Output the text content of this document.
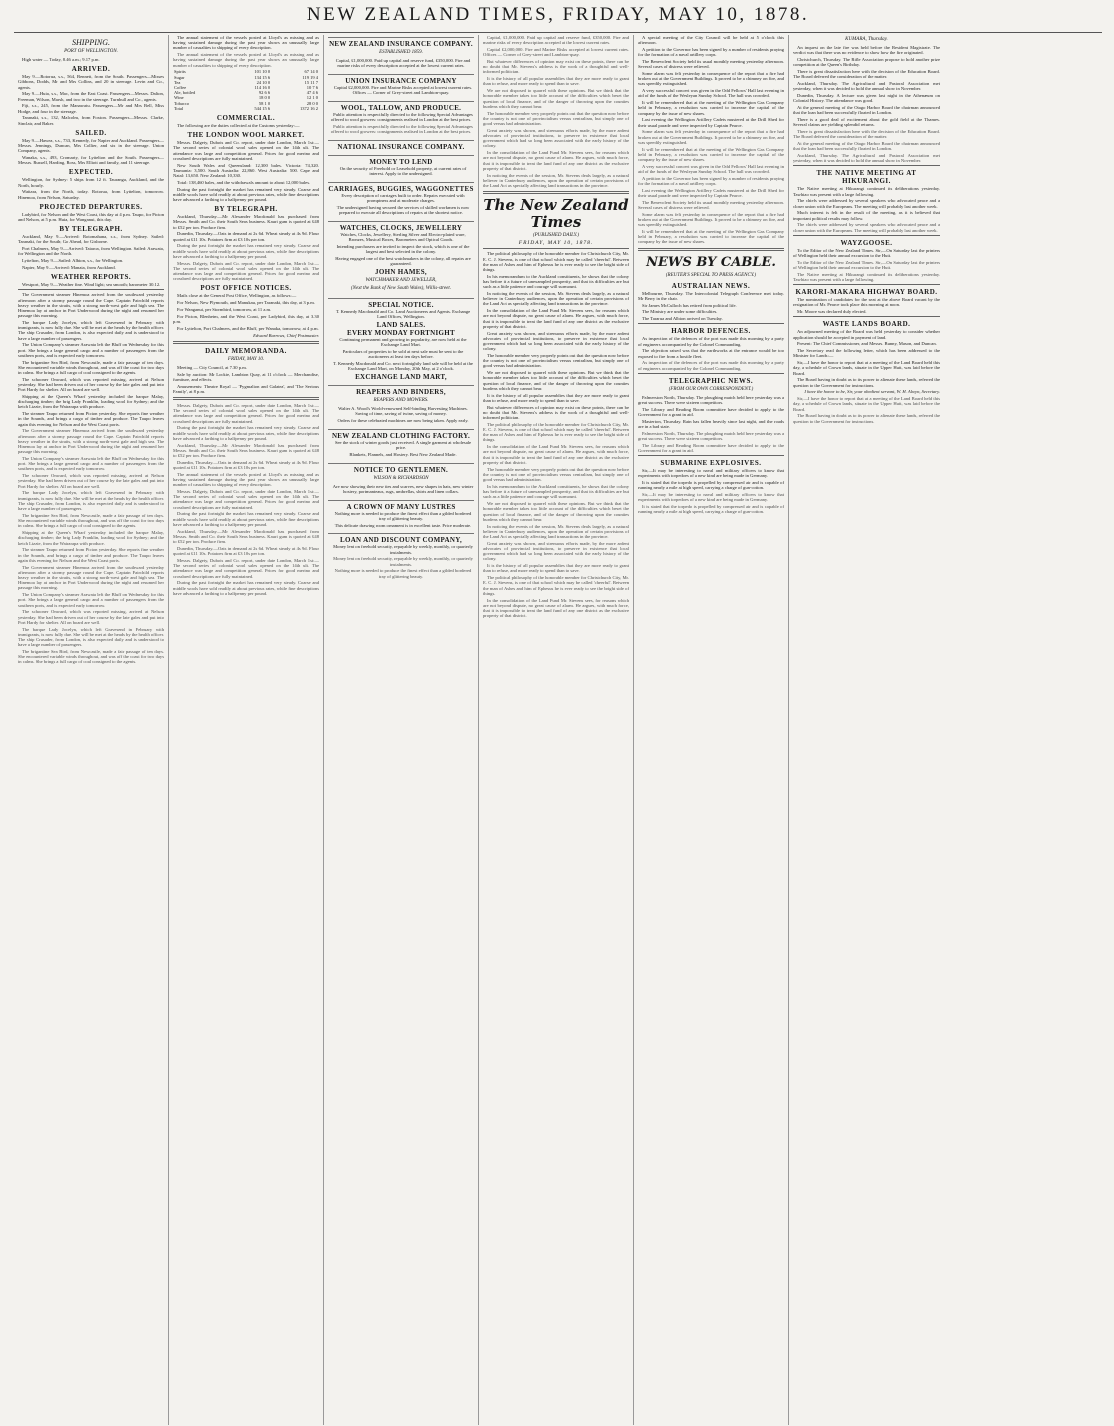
NEW ZEALAND TIMES, FRIDAY, MAY 10, 1878.
SHIPPING.
PORT OF WELLINGTON.

High water — Today, 8.46 a.m.; 9.17 p.m.

ARRIVED.

May 9.—Rotorua, s.s., 564, Bennett, from the South. Passengers—Misses Gibbons, Dodds, Mr and Mrs Collins, and 20 in steerage. Levin and Co., agents.

May 9.—Huia, s.s., Mac, from the East Coast. Passengers—Messrs. Dalton, Freeman, Wilson, Marsh, and two in the steerage. Turnbull and Co., agents.

Fiji, s.s., 245, from the Manawatu. Passengers—Mr and Mrs Bell, Miss Hodge, and four in the steerage.

Taranaki, s.s., 132, Malcolm, from Foxton. Passengers—Messrs. Clarke, Sinclair, and Baker.

SAILED.

May 9.—Hawea, s.s., 733, Kennedy, for Napier and Auckland. Passengers—Messrs. Jennings, Duncan, Mrs Collier, and six in the steerage. Union Company, agents.

Wanaka, s.s., 493, Cromarty, for Lyttelton and the South. Passengers—Messrs. Russell, Harding, Ross, Mrs Elliott and family, and 11 steerage.

EXPECTED.

Wellington, for Sydney: 5 ships from 12 ft. Tauranga, Auckland, and the North, hourly.

Waitara, from the North, today. Rotorua, from Lyttelton, tomorrow. Hinemoa, from Nelson, Saturday.

PROJECTED DEPARTURES.

Ladybird, for Nelson and the West Coast, this day at 4 p.m. Taupo, for Picton and Nelson, at 5 p.m. Huia, for Wanganui, this day.

BY TELEGRAPH.

Auckland, May 9.—Arrived: Rotomahana, s.s., from Sydney. Sailed: Taranaki, for the South; Go Ahead, for Gisborne.

Port Chalmers, May 9.—Arrived: Taiaroa, from Wellington. Sailed: Arawata, for Wellington and the North.

Lyttelton, May 9.—Sailed: Albion, s.s., for Wellington.

Napier, May 9.—Arrived: Manaia, from Auckland.

WEATHER REPORTS.

Westport, May 9.—Weather fine. Wind light; sea smooth; barometer 30.12.

The Government steamer Hinemoa arrived from the southward yesterday afternoon after a stormy passage round the Cape. Captain Fairchild reports heavy weather in the straits, with a strong north-west gale and high sea. The Hinemoa lay at anchor in Port Underwood during the night and resumed her passage this morning.

The barque Lady Jocelyn, which left Gravesend in February with immigrants, is now fully due. She will be met at the heads by the health officer. The ship Crusader, from London, is also expected daily and is understood to have a large number of passengers.

The Union Company's steamer Arawata left the Bluff on Wednesday for this port. She brings a large general cargo and a number of passengers from the southern ports, and is expected early tomorrow.

The brigantine Sea Bird, from Newcastle, made a fair passage of ten days. She encountered variable winds throughout, and was off the coast for two days in calms. She brings a full cargo of coal consigned to the agents.

The schooner Onward, which was reported missing, arrived at Nelson yesterday. She had been driven out of her course by the late gales and put into Port Hardy for shelter. All on board are well.

Shipping at the Queen's Wharf yesterday included the barque Malay, discharging timber; the brig Lady Franklin, loading wool for Sydney; and the ketch Lizzie, from the Wairarapa with produce.

The steamer Taupo returned from Picton yesterday. She reports fine weather in the Sounds, and brings a cargo of timber and produce. The Taupo leaves again this evening for Nelson and the West Coast ports.

The Government steamer Hinemoa arrived from the southward yesterday afternoon after a stormy passage round the Cape. Captain Fairchild reports heavy weather in the straits, with a strong north-west gale and high sea. The Hinemoa lay at anchor in Port Underwood during the night and resumed her passage this morning.

The Union Company's steamer Arawata left the Bluff on Wednesday for this port. She brings a large general cargo and a number of passengers from the southern ports, and is expected early tomorrow.

The schooner Onward, which was reported missing, arrived at Nelson yesterday. She had been driven out of her course by the late gales and put into Port Hardy for shelter. All on board are well.

The barque Lady Jocelyn, which left Gravesend in February with immigrants, is now fully due. She will be met at the heads by the health officer. The ship Crusader, from London, is also expected daily and is understood to have a large number of passengers.

The brigantine Sea Bird, from Newcastle, made a fair passage of ten days. She encountered variable winds throughout, and was off the coast for two days in calms. She brings a full cargo of coal consigned to the agents.

Shipping at the Queen's Wharf yesterday included the barque Malay, discharging timber; the brig Lady Franklin, loading wool for Sydney; and the ketch Lizzie, from the Wairarapa with produce.

The steamer Taupo returned from Picton yesterday. She reports fine weather in the Sounds, and brings a cargo of timber and produce. The Taupo leaves again this evening for Nelson and the West Coast ports.

The Government steamer Hinemoa arrived from the southward yesterday afternoon after a stormy passage round the Cape. Captain Fairchild reports heavy weather in the straits, with a strong north-west gale and high sea. The Hinemoa lay at anchor in Port Underwood during the night and resumed her passage this morning.

The Union Company's steamer Arawata left the Bluff on Wednesday for this port. She brings a large general cargo and a number of passengers from the southern ports, and is expected early tomorrow.

The schooner Onward, which was reported missing, arrived at Nelson yesterday. She had been driven out of her course by the late gales and put into Port Hardy for shelter. All on board are well.

The barque Lady Jocelyn, which left Gravesend in February with immigrants, is now fully due. She will be met at the heads by the health officer. The ship Crusader, from London, is also expected daily and is understood to have a large number of passengers.

The brigantine Sea Bird, from Newcastle, made a fair passage of ten days. She encountered variable winds throughout, and was off the coast for two days in calms. She brings a full cargo of coal consigned to the agents.

The annual statement of the vessels posted at Lloyd's as missing and as having sustained damage during the past year shows an unusually large number of casualties to shipping of every description.

The annual statement of the vessels posted at Lloyd's as missing and as having sustained damage during the past year shows an unusually large number of casualties to shipping of every description.

Spirits	101 10 0	67 14 0
Sugar	134 15 6	119 19 4
Tea	24 10 0	15 11 7
Coffee	114 16 0	10 7 6
Ale, bottled	92 6 6	47 4 6
Wine	18 0 0	12 1 0
Tobacco	58 1 0	28 0 0
Total	544 15 6	1372 16 2
COMMERCIAL.

The following are the duties collected at the Customs yesterday:—

THE LONDON WOOL MARKET.

Messrs. Dalgety, Dubois and Co. report, under date London, March 1st:—The second series of colonial wool sales opened on the 14th ult. The attendance was large and competition general. Prices for good merino and crossbred descriptions are fully maintained.

New South Wales and Queensland: 12,300 bales. Victoria: 74,320. Tasmania: 3,500. South Australia: 22,860. West Australia: 500. Cape and Natal: 13,650. New Zealand: 10,330.

Total: 138,460 bales, and the withdrawals amount to about 12,000 bales.

During the past fortnight the market has remained very steady. Coarse and middle wools have sold readily at about previous rates, while fine descriptions have advanced a farthing to a halfpenny per pound.

BY TELEGRAPH.

Auckland, Thursday.—Mr Alexander Macdonald has purchased from Messrs. Smith and Co. their South Seas business. Kauri gum is quoted at £48 to £52 per ton. Produce firm.

Dunedin, Thursday.—Oats in demand at 2s 6d. Wheat steady at 4s 9d. Flour quoted at £11 10s. Potatoes firm at £3 10s per ton.

During the past fortnight the market has remained very steady. Coarse and middle wools have sold readily at about previous rates, while fine descriptions have advanced a farthing to a halfpenny per pound.

Messrs. Dalgety, Dubois and Co. report, under date London, March 1st:—The second series of colonial wool sales opened on the 14th ult. The attendance was large and competition general. Prices for good merino and crossbred descriptions are fully maintained.

POST OFFICE NOTICES.

Mails close at the General Post Office, Wellington, as follows:—

For Nelson, New Plymouth, and Manukau, per Taranaki, this day, at 3 p.m.

For Wanganui, per Stormbird, tomorrow, at 11 a.m.

For Picton, Blenheim, and the West Coast, per Ladybird, this day, at 3.30 p.m.

For Lyttelton, Port Chalmers, and the Bluff, per Wanaka, tomorrow, at 4 p.m.

Edward Burrows, Chief Postmaster.

DAILY MEMORANDA.
FRIDAY, MAY 10.

Meeting — City Council, at 7.30 p.m.

Sale by auction: Mr Lockie, Lambton Quay, at 11 o'clock — Merchandise, furniture, and effects.

Amusements: Theatre Royal — 'Pygmalion and Galatea', and 'The Serious Family', at 8 p.m.

Messrs. Dalgety, Dubois and Co. report, under date London, March 1st:—The second series of colonial wool sales opened on the 14th ult. The attendance was large and competition general. Prices for good merino and crossbred descriptions are fully maintained.

During the past fortnight the market has remained very steady. Coarse and middle wools have sold readily at about previous rates, while fine descriptions have advanced a farthing to a halfpenny per pound.

Auckland, Thursday.—Mr Alexander Macdonald has purchased from Messrs. Smith and Co. their South Seas business. Kauri gum is quoted at £48 to £52 per ton. Produce firm.

Dunedin, Thursday.—Oats in demand at 2s 6d. Wheat steady at 4s 9d. Flour quoted at £11 10s. Potatoes firm at £3 10s per ton.

The annual statement of the vessels posted at Lloyd's as missing and as having sustained damage during the past year shows an unusually large number of casualties to shipping of every description.

Messrs. Dalgety, Dubois and Co. report, under date London, March 1st:—The second series of colonial wool sales opened on the 14th ult. The attendance was large and competition general. Prices for good merino and crossbred descriptions are fully maintained.

During the past fortnight the market has remained very steady. Coarse and middle wools have sold readily at about previous rates, while fine descriptions have advanced a farthing to a halfpenny per pound.

Auckland, Thursday.—Mr Alexander Macdonald has purchased from Messrs. Smith and Co. their South Seas business. Kauri gum is quoted at £48 to £52 per ton. Produce firm.

Dunedin, Thursday.—Oats in demand at 2s 6d. Wheat steady at 4s 9d. Flour quoted at £11 10s. Potatoes firm at £3 10s per ton.

Messrs. Dalgety, Dubois and Co. report, under date London, March 1st:—The second series of colonial wool sales opened on the 14th ult. The attendance was large and competition general. Prices for good merino and crossbred descriptions are fully maintained.

During the past fortnight the market has remained very steady. Coarse and middle wools have sold readily at about previous rates, while fine descriptions have advanced a farthing to a halfpenny per pound.

NEW ZEALAND INSURANCE COMPANY.
ESTABLISHED 1859.

Capital, £1,000,000. Paid up capital and reserve fund, £350,000. Fire and marine risks of every description accepted at the lowest current rates.

UNION INSURANCE COMPANY

Capital £2,000,000. Fire and Marine Risks accepted at lowest current rates. Offices — Corner of Grey-street and Lambton-quay.

WOOL, TALLOW, AND PRODUCE.

Public attention is respectfully directed to the following Special Advantages offered to wool growers: consignments realised in London at the best prices.

Public attention is respectfully directed to the following Special Advantages offered to wool growers: consignments realised in London at the best prices.

NATIONAL INSURANCE COMPANY.
MONEY TO LEND

On the security of Freehold or Leasehold property, at current rates of interest. Apply to the undersigned.

CARRIAGES, BUGGIES, WAGGONETTES

Every description of carriages built to order. Repairs executed with promptness and at moderate charges.

The undersigned having secured the services of skilled workmen is now prepared to execute all descriptions of repairs at the shortest notice.

WATCHES, CLOCKS, JEWELLERY

Watches, Clocks, Jewellery, Sterling Silver and Electro-plated ware, Bronzes, Musical Boxes, Barometers and Optical Goods.

Intending purchasers are invited to inspect the stock, which is one of the largest and best selected in the colony.

Having engaged one of the best watchmakers in the colony, all repairs are guaranteed.

JOHN HAMES,
WATCHMAKER AND JEWELLER,
(Next the Bank of New South Wales), Willis-street.
SPECIAL NOTICE.

T. Kennedy Macdonald and Co. Land Auctioneers and Agents. Exchange Land Offices, Wellington.

LAND SALES.
EVERY MONDAY FORTNIGHT

Continuing permanent and growing in popularity, are now held at the Exchange Land Mart.

Particulars of properties to be sold at next sale must be sent to the auctioneers at least ten days before.

T. Kennedy Macdonald and Co. next fortnightly land sale will be held at the Exchange Land Mart, on Monday, 20th May, at 2 o'clock.

EXCHANGE LAND MART,
REAPERS AND BINDERS,
REAPERS AND MOWERS.

Walter A. Wood's World-renowned Self-binding Harvesting Machines. Saving of time, saving of twine, saving of money.

Orders for these celebrated machines are now being taken. Apply early.

NEW ZEALAND CLOTHING FACTORY.

See the stock of winter goods just received. A single garment at wholesale price.

Blankets, Flannels, and Hosiery. Best New Zealand Made.

NOTICE TO GENTLEMEN.
WILSON & RICHARDSON

Are now showing their new ties and scarves, new shapes in hats, new winter hosiery, portmanteaus, rugs, umbrellas, shirts and linen collars.

A CROWN OF MANY LUSTRES

Nothing more is needed to produce the finest effect than a gilded bordered tray of glittering beauty.

This delicate drawing room ornament is in excellent taste. Price moderate.

LOAN AND DISCOUNT COMPANY,

Money lent on freehold security, repayable by weekly, monthly, or quarterly instalments.

Money lent on freehold security, repayable by weekly, monthly, or quarterly instalments.

Nothing more is needed to produce the finest effect than a gilded bordered tray of glittering beauty.

Capital, £1,000,000. Paid up capital and reserve fund, £350,000. Fire and marine risks of every description accepted at the lowest current rates.

Capital £2,000,000. Fire and Marine Risks accepted at lowest current rates. Offices — Corner of Grey-street and Lambton-quay.

But whatever differences of opinion may exist on these points, there can be no doubt that Mr. Stevens's address is the work of a thoughtful and well-informed politician.

It is the history of all popular assemblies that they are more ready to grant than to refuse, and more ready to spend than to save.

We are not disposed to quarrel with these opinions. But we think that the honorable member takes too little account of the difficulties which beset the question of local finance, and of the danger of throwing upon the counties burdens which they cannot bear.

The honorable member very properly points out that the question now before the country is not one of provincialism versus centralism, but simply one of good versus bad administration.

Great anxiety was shown, and strenuous efforts made, by the more ardent advocates of provincial institutions, to preserve in existence that local government which had so long been associated with the early history of the colony.

In the consolidation of the Land Fund Mr. Stevens sees, for reasons which are not beyond dispute, no great cause of alarm. He argues, with much force, that it is impossible to treat the land fund of any one district as the exclusive property of that district.

In noticing the events of the session, Mr. Stevens deals largely, as a natural believer in Canterbury audiences, upon the operation of certain provisions of the Land Act as specially affecting land transactions in the province.

The New Zealand Times
(PUBLISHED DAILY.)
FRIDAY, MAY 10, 1878.

The political philosophy of the honorable member for Christchurch City, Mr. E. C. J. Stevens, is one of that school which may be called 'cheerful'. Between the man of Ashes and him of Ephesus he is ever ready to see the bright side of things.

In his memorandum to the Auckland constituents, he shows that the colony has before it a future of unexampled prosperity, and that its difficulties are but such as a little patience and courage will surmount.

In noticing the events of the session, Mr. Stevens deals largely, as a natural believer in Canterbury audiences, upon the operation of certain provisions of the Land Act as specially affecting land transactions in the province.

In the consolidation of the Land Fund Mr. Stevens sees, for reasons which are not beyond dispute, no great cause of alarm. He argues, with much force, that it is impossible to treat the land fund of any one district as the exclusive property of that district.

Great anxiety was shown, and strenuous efforts made, by the more ardent advocates of provincial institutions, to preserve in existence that local government which had so long been associated with the early history of the colony.

The honorable member very properly points out that the question now before the country is not one of provincialism versus centralism, but simply one of good versus bad administration.

We are not disposed to quarrel with these opinions. But we think that the honorable member takes too little account of the difficulties which beset the question of local finance, and of the danger of throwing upon the counties burdens which they cannot bear.

It is the history of all popular assemblies that they are more ready to grant than to refuse, and more ready to spend than to save.

But whatever differences of opinion may exist on these points, there can be no doubt that Mr. Stevens's address is the work of a thoughtful and well-informed politician.

The political philosophy of the honorable member for Christchurch City, Mr. E. C. J. Stevens, is one of that school which may be called 'cheerful'. Between the man of Ashes and him of Ephesus he is ever ready to see the bright side of things.

In the consolidation of the Land Fund Mr. Stevens sees, for reasons which are not beyond dispute, no great cause of alarm. He argues, with much force, that it is impossible to treat the land fund of any one district as the exclusive property of that district.

The honorable member very properly points out that the question now before the country is not one of provincialism versus centralism, but simply one of good versus bad administration.

In his memorandum to the Auckland constituents, he shows that the colony has before it a future of unexampled prosperity, and that its difficulties are but such as a little patience and courage will surmount.

We are not disposed to quarrel with these opinions. But we think that the honorable member takes too little account of the difficulties which beset the question of local finance, and of the danger of throwing upon the counties burdens which they cannot bear.

In noticing the events of the session, Mr. Stevens deals largely, as a natural believer in Canterbury audiences, upon the operation of certain provisions of the Land Act as specially affecting land transactions in the province.

Great anxiety was shown, and strenuous efforts made, by the more ardent advocates of provincial institutions, to preserve in existence that local government which had so long been associated with the early history of the colony.

It is the history of all popular assemblies that they are more ready to grant than to refuse, and more ready to spend than to save.

The political philosophy of the honorable member for Christchurch City, Mr. E. C. J. Stevens, is one of that school which may be called 'cheerful'. Between the man of Ashes and him of Ephesus he is ever ready to see the bright side of things.

In the consolidation of the Land Fund Mr. Stevens sees, for reasons which are not beyond dispute, no great cause of alarm. He argues, with much force, that it is impossible to treat the land fund of any one district as the exclusive property of that district.

A special meeting of the City Council will be held at 5 o'clock this afternoon.

A petition to the Governor has been signed by a number of residents praying for the formation of a naval artillery corps.

The Benevolent Society held its usual monthly meeting yesterday afternoon. Several cases of distress were relieved.

Some alarm was felt yesterday in consequence of the report that a fire had broken out at the Government Buildings. It proved to be a chimney on fire, and was speedily extinguished.

A very successful concert was given in the Odd Fellows' Hall last evening in aid of the funds of the Wesleyan Sunday School. The hall was crowded.

It will be remembered that at the meeting of the Wellington Gas Company held in February, a resolution was carried to increase the capital of the company by the issue of new shares.

Last evening the Wellington Artillery Cadets mustered at the Drill Shed for their usual parade and were inspected by Captain Pearce.

Some alarm was felt yesterday in consequence of the report that a fire had broken out at the Government Buildings. It proved to be a chimney on fire, and was speedily extinguished.

It will be remembered that at the meeting of the Wellington Gas Company held in February, a resolution was carried to increase the capital of the company by the issue of new shares.

A very successful concert was given in the Odd Fellows' Hall last evening in aid of the funds of the Wesleyan Sunday School. The hall was crowded.

A petition to the Governor has been signed by a number of residents praying for the formation of a naval artillery corps.

Last evening the Wellington Artillery Cadets mustered at the Drill Shed for their usual parade and were inspected by Captain Pearce.

The Benevolent Society held its usual monthly meeting yesterday afternoon. Several cases of distress were relieved.

Some alarm was felt yesterday in consequence of the report that a fire had broken out at the Government Buildings. It proved to be a chimney on fire, and was speedily extinguished.

It will be remembered that at the meeting of the Wellington Gas Company held in February, a resolution was carried to increase the capital of the company by the issue of new shares.

NEWS BY CABLE.
(REUTER'S SPECIAL TO PRESS AGENCY.)
AUSTRALIAN NEWS.

Melbourne, Thursday. The Intercolonial Telegraph Conference met today. Mr Berry in the chair.

Sir James McCulloch has retired from political life.

The Ministry are under some difficulties.

The Tararua and Albion arrived on Tuesday.

HARBOR DEFENCES.

As inspection of the defences of the port was made this morning by a party of engineers accompanied by the Colonel Commanding.

The objection raised was that the earthworks at the entrance would be too exposed to fire from a hostile fleet.

As inspection of the defences of the port was made this morning by a party of engineers accompanied by the Colonel Commanding.

TELEGRAPHIC NEWS.
(FROM OUR OWN CORRESPONDENT.)

Palmerston North, Thursday. The ploughing match held here yesterday was a great success. There were sixteen competitors.

The Library and Reading Room committee have decided to apply to the Government for a grant in aid.

Masterton, Thursday. Rain has fallen heavily since last night, and the roads are in a bad state.

Palmerston North, Thursday. The ploughing match held here yesterday was a great success. There were sixteen competitors.

The Library and Reading Room committee have decided to apply to the Government for a grant in aid.

SUBMARINE EXPLOSIVES.

Sir,—It may be interesting to naval and military officers to know that experiments with torpedoes of a new kind are being made in Germany.

It is stated that the torpedo is propelled by compressed air and is capable of running nearly a mile at high speed, carrying a charge of gun-cotton.

Sir,—It may be interesting to naval and military officers to know that experiments with torpedoes of a new kind are being made in Germany.

It is stated that the torpedo is propelled by compressed air and is capable of running nearly a mile at high speed, carrying a charge of gun-cotton.

KUMARA, Thursday.

An inquest on the late fire was held before the Resident Magistrate. The verdict was that there was no evidence to show how the fire originated.

Christchurch, Thursday. The Rifle Association propose to hold another prize competition at the Queen's Birthday.

There is great dissatisfaction here with the decision of the Education Board. The Board deferred the consideration of the matter.

Auckland, Thursday. The Agricultural and Pastoral Association met yesterday, when it was decided to hold the annual show in November.

Dunedin, Thursday. A lecture was given last night in the Athenæum on Colonial History. The attendance was good.

At the general meeting of the Otago Harbor Board the chairman announced that the loan had been successfully floated in London.

There is a good deal of excitement about the gold field at the Thames. Several claims are yielding splendid returns.

There is great dissatisfaction here with the decision of the Education Board. The Board deferred the consideration of the matter.

At the general meeting of the Otago Harbor Board the chairman announced that the loan had been successfully floated in London.

Auckland, Thursday. The Agricultural and Pastoral Association met yesterday, when it was decided to hold the annual show in November.

THE NATIVE MEETING AT HIKURANGI.

The Native meeting at Hikurangi continued its deliberations yesterday. Tawhiao was present with a large following.

The chiefs were addressed by several speakers who advocated peace and a closer union with the Europeans. The meeting will probably last another week.

Much interest is felt in the result of the meeting, as it is believed that important political results may follow.

The chiefs were addressed by several speakers who advocated peace and a closer union with the Europeans. The meeting will probably last another week.

WAYZGOOSE.

To the Editor of the New Zealand Times. Sir,—On Saturday last the printers of Wellington held their annual excursion to the Hutt.

To the Editor of the New Zealand Times. Sir,—On Saturday last the printers of Wellington held their annual excursion to the Hutt.

The Native meeting at Hikurangi continued its deliberations yesterday. Tawhiao was present with a large following.

KARORI-MAKARA HIGHWAY BOARD.

The nomination of candidates for the seat at the above Board vacant by the resignation of Mr. Pearce took place this morning at noon.

Mr. Moore was declared duly elected.

WASTE LANDS BOARD.

An adjourned meeting of the Board was held yesterday to consider whether application should be accepted in payment of land.

Present: The Chief Commissioner, and Messrs. Bunny, Mason, and Duncan.

The Secretary read the following letter, which has been addressed to the Minister for Lands:—

Sir,—I have the honor to report that at a meeting of the Land Board held this day, a schedule of Crown lands, situate in the Upper Hutt, was laid before the Board.

The Board having in doubt as to its power to alienate these lands, referred the question to the Government for instructions.

I have the honor to be, Sir, your obedient servant, W. H. Alwyn, Secretary.

Sir,—I have the honor to report that at a meeting of the Land Board held this day, a schedule of Crown lands, situate in the Upper Hutt, was laid before the Board.

The Board having in doubt as to its power to alienate these lands, referred the question to the Government for instructions.
